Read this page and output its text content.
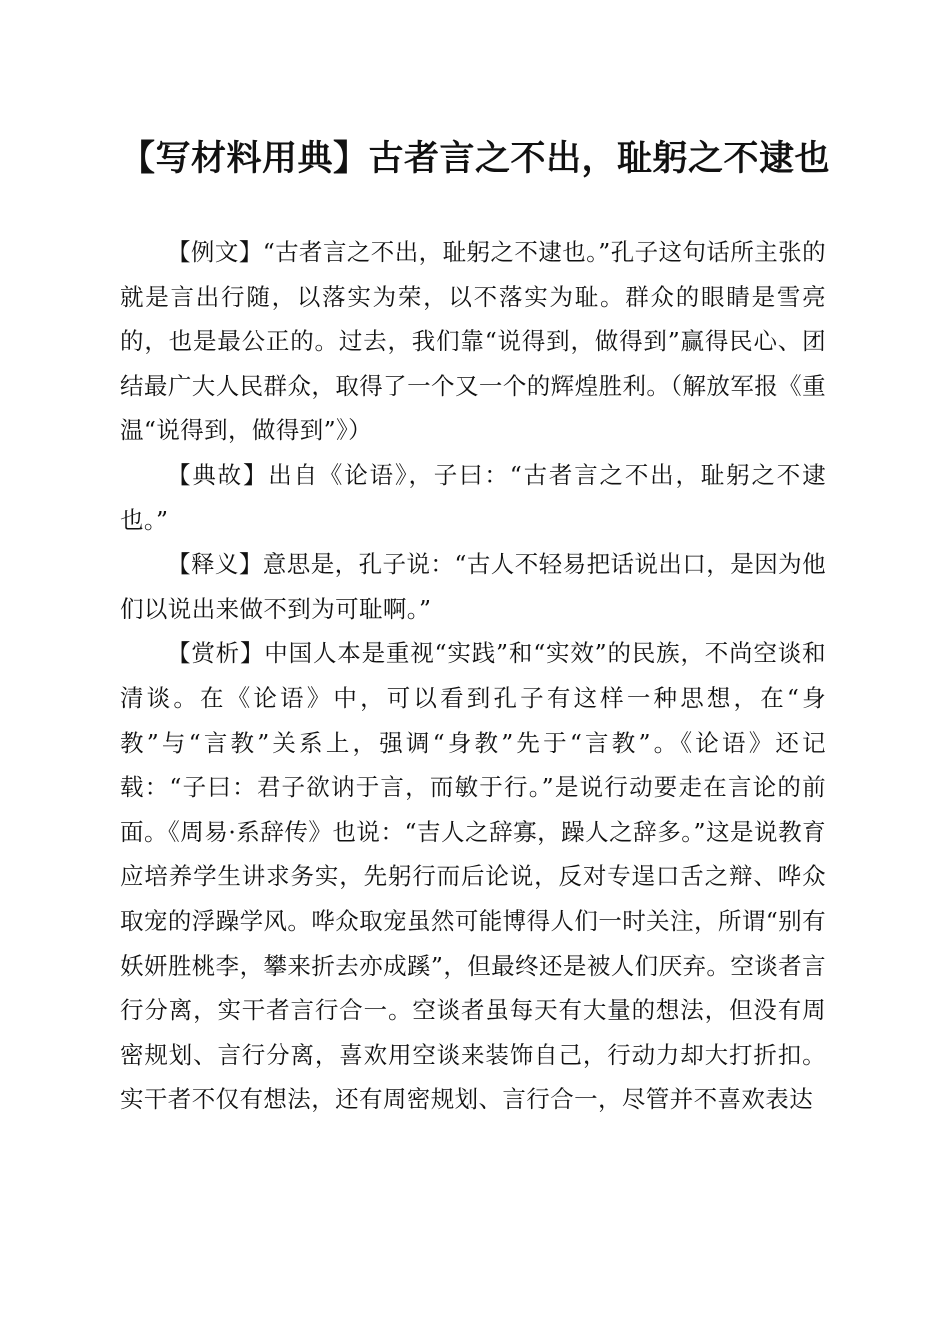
【写材料用典】古者言之不出，耻躬之不逮也

【例文】“古者言之不出，耻躬之不逮也。”孔子这句话所主张的就是言出行随，以落实为荣，以不落实为耻。群众的眼睛是雪亮的，也是最公正的。过去，我们靠“说得到，做得到”赢得民心、团结最广大人民群众，取得了一个又一个的辉煌胜利。（解放军报《重温“说得到，做得到”》）

【典故】出自《论语》，子曰：“古者言之不出，耻躬之不逮也。”

【释义】意思是，孔子说：“古人不轻易把话说出口，是因为他们以说出来做不到为可耻啊。”

【赏析】中国人本是重视“实践”和“实效”的民族，不尚空谈和清谈。在《论语》中，可以看到孔子有这样一种思想，在“身教”与“言教”关系上，强调“身教”先于“言教”。《论语》还记载：“子曰：君子欲讷于言，而敏于行。”是说行动要走在言论的前面。《周易·系辞传》也说：“吉人之辞寡，躁人之辞多。”这是说教育应培养学生讲求务实，先躬行而后论说，反对专逞口舌之辩、哗众取宠的浮躁学风。哗众取宠虽然可能博得人们一时关注，所谓“别有妖妍胜桃李，攀来折去亦成蹊”，但最终还是被人们厌弃。空谈者言行分离，实干者言行合一。空谈者虽每天有大量的想法，但没有周密规划、言行分离，喜欢用空谈来装饰自己，行动力却大打折扣。实干者不仅有想法，还有周密规划、言行合一，尽管并不喜欢表达
